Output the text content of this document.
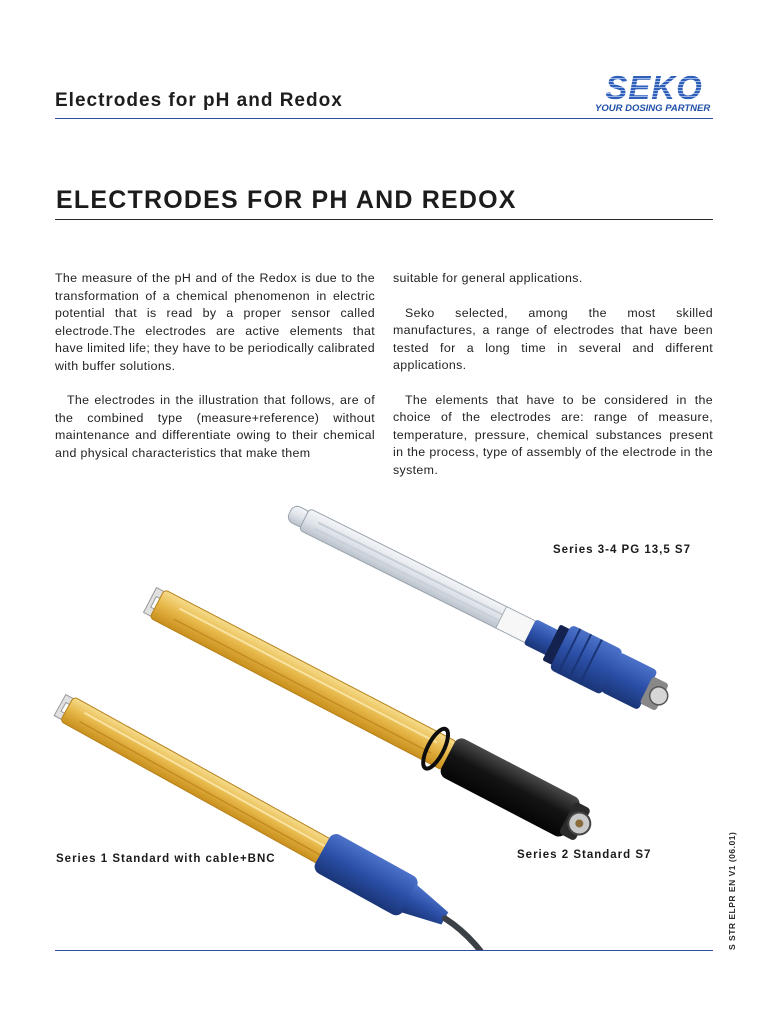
Electrodes for pH and Redox	SEKO
YOUR DOSING PARTNER
ELECTRODES FOR PH AND REDOX

The measure of the pH and of the Redox is due to the transformation of a chemical phenomenon in electric potential that is read by a proper sensor called electrode.The electrodes are active elements that have limited life; they have to be periodically calibrated with buffer solutions.

The electrodes in the illustration that follows, are of the combined type (measure+reference) without maintenance and differentiate owing to their chemical and physical characteristics that make them

suitable for general applications.

Seko selected, among the most skilled manufactures, a range of electrodes that have been tested for a long time in several and different applications.

The elements that have to be considered in the choice of the electrodes are: range of measure, temperature, pressure, chemical substances present in the process, type of assembly of the electrode in the system.

Series 3-4 PG 13,5 S7
Series 1 Standard with cable+BNC	Series 2 Standard S7	S STR ELPR EN V1 (06.01)
